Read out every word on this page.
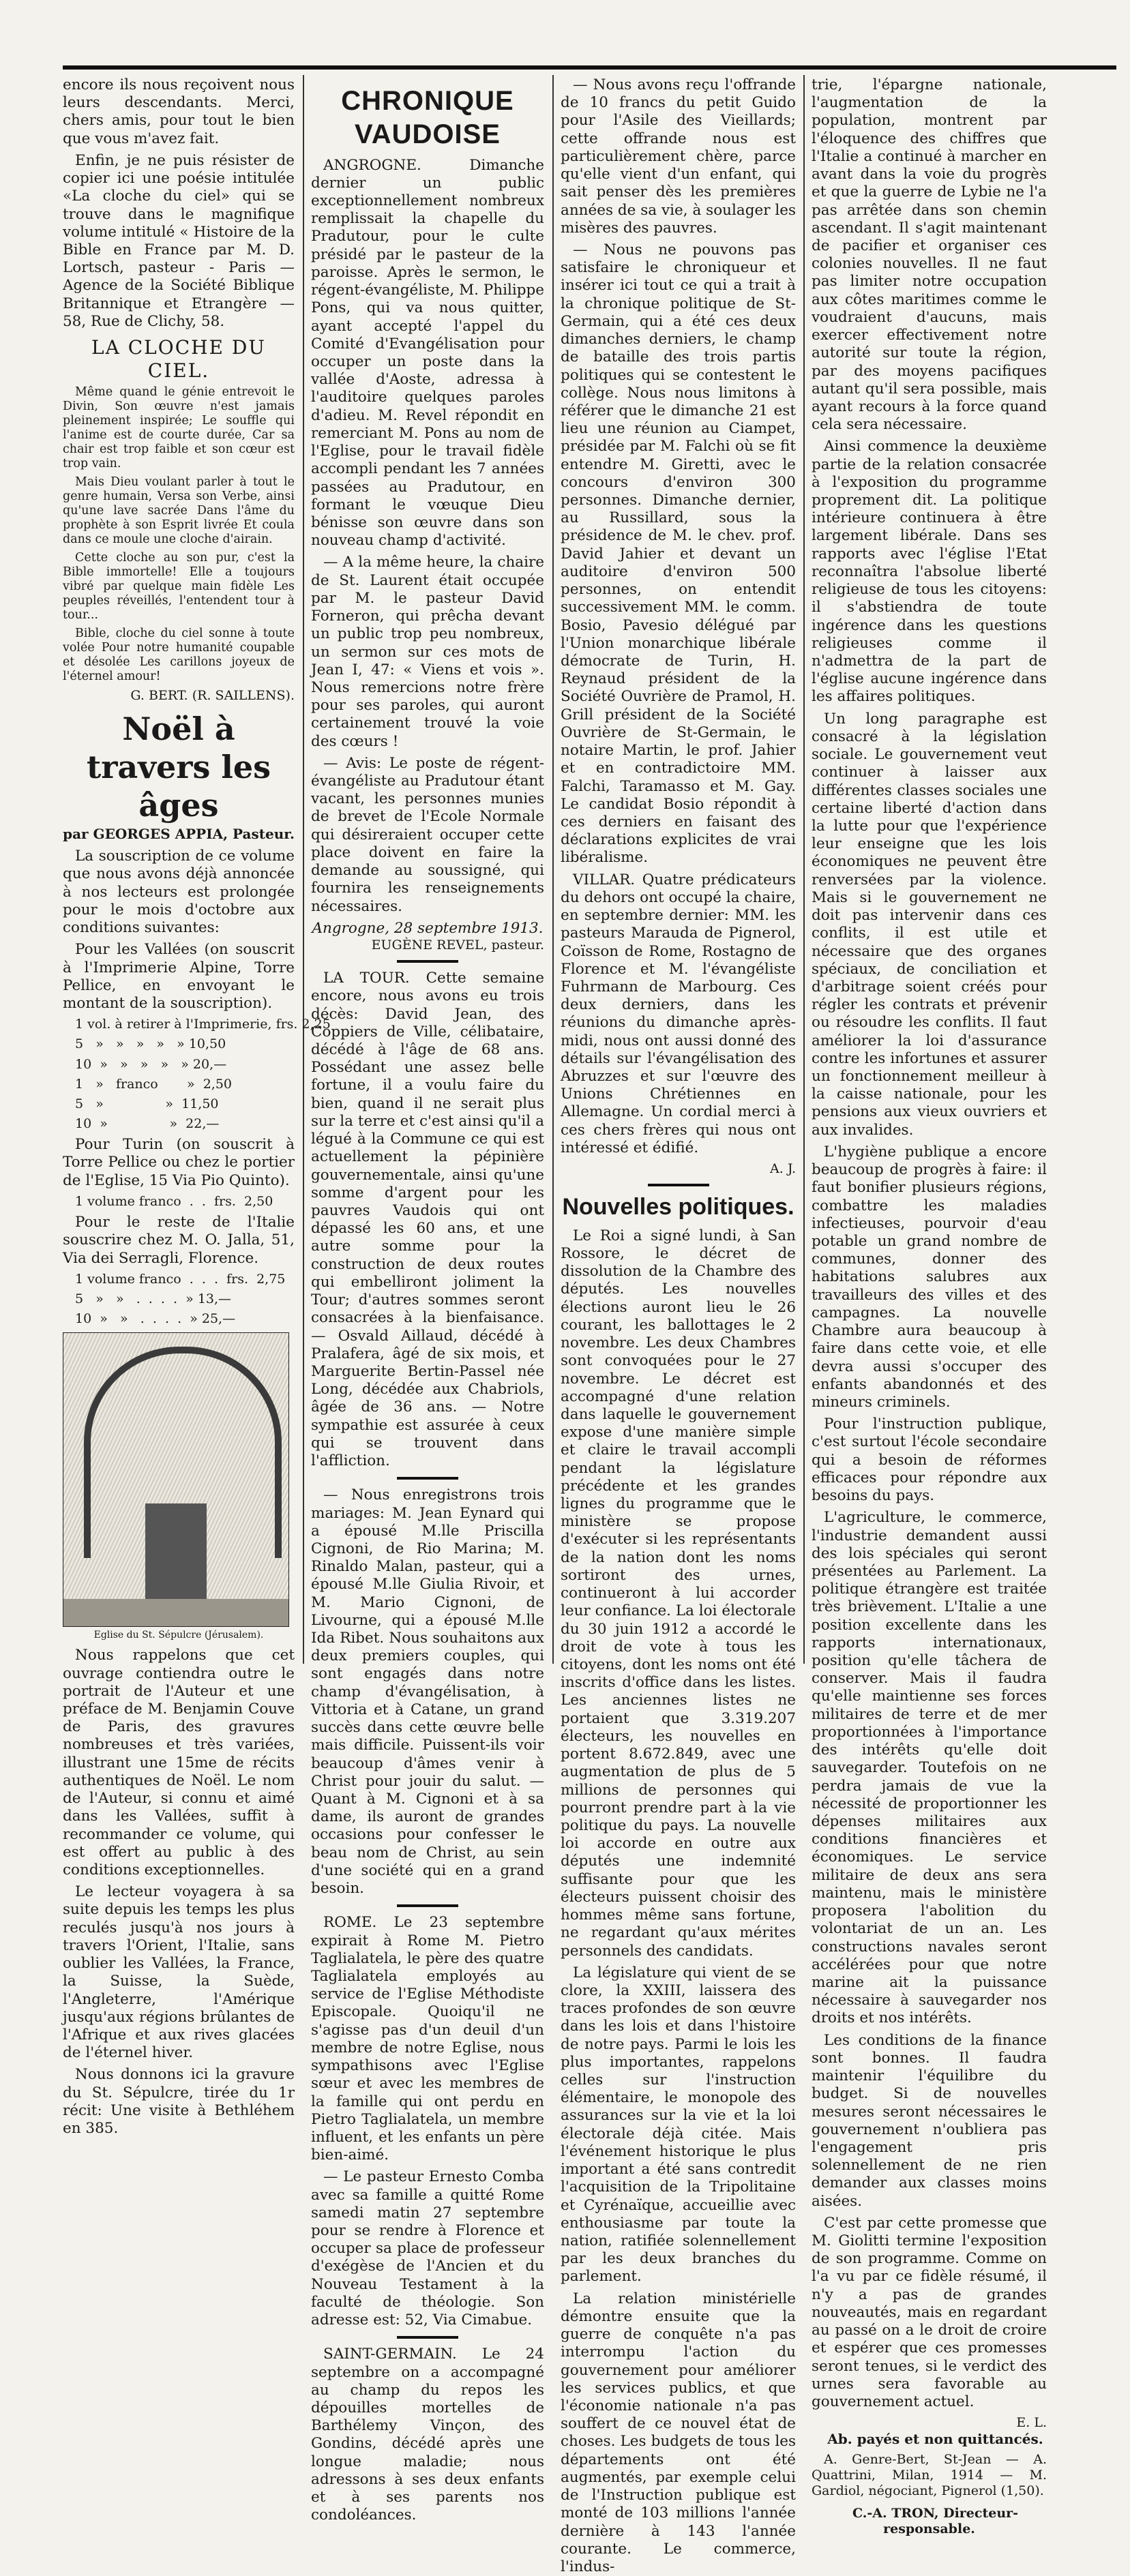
encore ils nous reçoivent nous leurs descendants. Merci, chers amis, pour tout le bien que vous m'avez fait.

Enfin, je ne puis résister de copier ici une poésie intitulée «La cloche du ciel» qui se trouve dans le magnifique volume intitulé « Histoire de la Bible en France par M. D. Lortsch, pasteur - Paris — Agence de la Société Biblique Britannique et Etrangère — 58, Rue de Clichy, 58.

LA CLOCHE DU CIEL.

Même quand le génie entrevoit le Divin, Son œuvre n'est jamais pleinement inspirée; Le souffle qui l'anime est de courte durée, Car sa chair est trop faible et son cœur est trop vain.

Mais Dieu voulant parler à tout le genre humain, Versa son Verbe, ainsi qu'une lave sacrée Dans l'âme du prophète à son Esprit livrée Et coula dans ce moule une cloche d'airain.

Cette cloche au son pur, c'est la Bible immortelle! Elle a toujours vibré par quelque main fidèle Les peuples réveillés, l'entendent tour à tour...

Bible, cloche du ciel sonne à toute volée Pour notre humanité coupable et désolée Les carillons joyeux de l'éternel amour!

G. BERT. (R. SAILLENS).
Noël à travers les âges
par GEORGES APPIA, Pasteur.

La souscription de ce volume que nous avons déjà annoncée à nos lecteurs est prolongée pour le mois d'octobre aux conditions suivantes:

Pour les Vallées (on souscrit à l'Imprimerie Alpine, Torre Pellice, en envoyant le montant de la souscription).

1 vol. à retirer à l'Imprimerie, frs. 2,25

5   »   »   »   »   » 10,50

10  »   »   »   »   » 20,—

1   »   franco       »  2,50

5   »               »  11,50

10  »               »  22,—

Pour Turin (on souscrit à Torre Pellice ou chez le portier de l'Eglise, 15 Via Pio Quinto).

1 volume franco  .  .  frs.  2,50

Pour le reste de l'Italie souscrire chez M. O. Jalla, 51, Via dei Serragli, Florence.

1 volume franco  .  .  .  frs.  2,75

5   »   »   .  .  .  .  » 13,—

10  »   »   .  .  .  .  » 25,—

Eglise du St. Sépulcre (Jérusalem).

Nous rappelons que cet ouvrage contiendra outre le portrait de l'Auteur et une préface de M. Benjamin Couve de Paris, des gravures nombreuses et très variées, illustrant une 15me de récits authentiques de Noël. Le nom de l'Auteur, si connu et aimé dans les Vallées, suffit à recommander ce volume, qui est offert au public à des conditions exceptionnelles.

Le lecteur voyagera à sa suite depuis les temps les plus reculés jusqu'à nos jours à travers l'Orient, l'Italie, sans oublier les Vallées, la France, la Suisse, la Suède, l'Angleterre, l'Amérique jusqu'aux régions brûlantes de l'Afrique et aux rives glacées de l'éternel hiver.

Nous donnons ici la gravure du St. Sépulcre, tirée du 1r récit: Une visite à Bethléhem en 385.

CHRONIQUE VAUDOISE

ANGROGNE. Dimanche dernier un public exceptionnellement nombreux remplissait la chapelle du Pradutour, pour le culte présidé par le pasteur de la paroisse. Après le sermon, le régent-évangéliste, M. Philippe Pons, qui va nous quitter, ayant accepté l'appel du Comité d'Evangélisation pour occuper un poste dans la vallée d'Aoste, adressa à l'auditoire quelques paroles d'adieu. M. Revel répondit en remerciant M. Pons au nom de l'Eglise, pour le travail fidèle accompli pendant les 7 années passées au Pradutour, en formant le vœuque Dieu bénisse son œuvre dans son nouveau champ d'activité.

— A la même heure, la chaire de St. Laurent était occupée par M. le pasteur David Forneron, qui prêcha devant un public trop peu nombreux, un sermon sur ces mots de Jean I, 47: « Viens et vois ». Nous remercions notre frère pour ses paroles, qui auront certainement trouvé la voie des cœurs !

— Avis: Le poste de régent-évangéliste au Pradutour étant vacant, les personnes munies de brevet de l'Ecole Normale qui désireraient occuper cette place doivent en faire la demande au soussigné, qui fournira les renseignements nécessaires.

Angrogne, 28 septembre 1913.
EUGÈNE REVEL, pasteur.

LA TOUR. Cette semaine encore, nous avons eu trois décès: David Jean, des Coppiers de Ville, célibataire, décédé à l'âge de 68 ans. Possédant une assez belle fortune, il a voulu faire du bien, quand il ne serait plus sur la terre et c'est ainsi qu'il a légué à la Commune ce qui est actuellement la pépinière gouvernementale, ainsi qu'une somme d'argent pour les pauvres Vaudois qui ont dépassé les 60 ans, et une autre somme pour la construction de deux routes qui embelliront joliment la Tour; d'autres sommes seront consacrées à la bienfaisance. — Osvald Aillaud, décédé à Pralafera, âgé de six mois, et Marguerite Bertin-Passel née Long, décédée aux Chabriols, âgée de 36 ans. — Notre sympathie est assurée à ceux qui se trouvent dans l'affliction.

— Nous enregistrons trois mariages: M. Jean Eynard qui a épousé M.lle Priscilla Cignoni, de Rio Marina; M. Rinaldo Malan, pasteur, qui a épousé M.lle Giulia Rivoir, et M. Mario Cignoni, de Livourne, qui a épousé M.lle Ida Ribet. Nous souhaitons aux deux premiers couples, qui sont engagés dans notre champ d'évangélisation, à Vittoria et à Catane, un grand succès dans cette œuvre belle mais difficile. Puissent-ils voir beaucoup d'âmes venir à Christ pour jouir du salut. — Quant à M. Cignoni et à sa dame, ils auront de grandes occasions pour confesser le beau nom de Christ, au sein d'une société qui en a grand besoin.

ROME. Le 23 septembre expirait à Rome M. Pietro Taglialatela, le père des quatre Taglialatela employés au service de l'Eglise Méthodiste Episcopale. Quoiqu'il ne s'agisse pas d'un deuil d'un membre de notre Eglise, nous sympathisons avec l'Eglise sœur et avec les membres de la famille qui ont perdu en Pietro Taglialatela, un membre influent, et les enfants un père bien-aimé.

— Le pasteur Ernesto Comba avec sa famille a quitté Rome samedi matin 27 septembre pour se rendre à Florence et occuper sa place de professeur d'exégèse de l'Ancien et du Nouveau Testament à la faculté de théologie. Son adresse est: 52, Via Cimabue.

SAINT-GERMAIN. Le 24 septembre on a accompagné au champ du repos les dépouilles mortelles de Barthélemy Vinçon, des Gondins, décédé après une longue maladie; nous adressons à ses deux enfants et à ses parents nos condoléances.

— Nous avons reçu l'offrande de 10 francs du petit Guido pour l'Asile des Vieillards; cette offrande nous est particulièrement chère, parce qu'elle vient d'un enfant, qui sait penser dès les premières années de sa vie, à soulager les misères des pauvres.

— Nous ne pouvons pas satisfaire le chroniqueur et insérer ici tout ce qui a trait à la chronique politique de St-Germain, qui a été ces deux dimanches derniers, le champ de bataille des trois partis politiques qui se contestent le collège. Nous nous limitons à référer que le dimanche 21 est lieu une réunion au Ciampet, présidée par M. Falchi où se fit entendre M. Giretti, avec le concours d'environ 300 personnes. Dimanche dernier, au Russillard, sous la présidence de M. le chev. prof. David Jahier et devant un auditoire d'environ 500 personnes, on entendit successivement MM. le comm. Bosio, Pavesio délégué par l'Union monarchique libérale démocrate de Turin, H. Reynaud président de la Société Ouvrière de Pramol, H. Grill président de la Société Ouvrière de St-Germain, le notaire Martin, le prof. Jahier et en contradictoire MM. Falchi, Taramasso et M. Gay. Le candidat Bosio répondit à ces derniers en faisant des déclarations explicites de vrai libéralisme.

VILLAR. Quatre prédicateurs du dehors ont occupé la chaire, en septembre dernier: MM. les pasteurs Marauda de Pignerol, Coïsson de Rome, Rostagno de Florence et M. l'évangéliste Fuhrmann de Marbourg. Ces deux derniers, dans les réunions du dimanche après-midi, nous ont aussi donné des détails sur l'évangélisation des Abruzzes et sur l'œuvre des Unions Chrétiennes en Allemagne. Un cordial merci à ces chers frères qui nous ont intéressé et édifié.

A. J.
Nouvelles politiques.

Le Roi a signé lundi, à San Rossore, le décret de dissolution de la Chambre des députés. Les nouvelles élections auront lieu le 26 courant, les ballottages le 2 novembre. Les deux Chambres sont convoquées pour le 27 novembre. Le décret est accompagné d'une relation dans laquelle le gouvernement expose d'une manière simple et claire le travail accompli pendant la législature précédente et les grandes lignes du programme que le ministère se propose d'exécuter si les représentants de la nation dont les noms sortiront des urnes, continueront à lui accorder leur confiance. La loi électorale du 30 juin 1912 a accordé le droit de vote à tous les citoyens, dont les noms ont été inscrits d'office dans les listes. Les anciennes listes ne portaient que 3.319.207 électeurs, les nouvelles en portent 8.672.849, avec une augmentation de plus de 5 millions de personnes qui pourront prendre part à la vie politique du pays. La nouvelle loi accorde en outre aux députés une indemnité suffisante pour que les électeurs puissent choisir des hommes même sans fortune, ne regardant qu'aux mérites personnels des candidats.

La législature qui vient de se clore, la XXIII, laissera des traces profondes de son œuvre dans les lois et dans l'histoire de notre pays. Parmi le lois les plus importantes, rappelons celles sur l'instruction élémentaire, le monopole des assurances sur la vie et la loi électorale déjà citée. Mais l'événement historique le plus important a été sans contredit l'acquisition de la Tripolitaine et Cyrénaïque, accueillie avec enthousiasme par toute la nation, ratifiée solennellement par les deux branches du parlement.

La relation ministérielle démontre ensuite que la guerre de conquête n'a pas interrompu l'action du gouvernement pour améliorer les services publics, et que l'économie nationale n'a pas souffert de ce nouvel état de choses. Les budgets de tous les départements ont été augmentés, par exemple celui de l'Instruction publique est monté de 103 millions l'année dernière à 143 l'année courante. Le commerce, l'indus-

trie, l'épargne nationale, l'augmentation de la population, montrent par l'éloquence des chiffres que l'Italie a continué à marcher en avant dans la voie du progrès et que la guerre de Lybie ne l'a pas arrêtée dans son chemin ascendant. Il s'agit maintenant de pacifier et organiser ces colonies nouvelles. Il ne faut pas limiter notre occupation aux côtes maritimes comme le voudraient d'aucuns, mais exercer effectivement notre autorité sur toute la région, par des moyens pacifiques autant qu'il sera possible, mais ayant recours à la force quand cela sera nécessaire.

Ainsi commence la deuxième partie de la relation consacrée à l'exposition du programme proprement dit. La politique intérieure continuera à être largement libérale. Dans ses rapports avec l'église l'Etat reconnaîtra l'absolue liberté religieuse de tous les citoyens: il s'abstiendra de toute ingérence dans les questions religieuses comme il n'admettra de la part de l'église aucune ingérence dans les affaires politiques.

Un long paragraphe est consacré à la législation sociale. Le gouvernement veut continuer à laisser aux différentes classes sociales une certaine liberté d'action dans la lutte pour que l'expérience leur enseigne que les lois économiques ne peuvent être renversées par la violence. Mais si le gouvernement ne doit pas intervenir dans ces conflits, il est utile et nécessaire que des organes spéciaux, de conciliation et d'arbitrage soient créés pour régler les contrats et prévenir ou résoudre les conflits. Il faut améliorer la loi d'assurance contre les infortunes et assurer un fonctionnement meilleur à la caisse nationale, pour les pensions aux vieux ouvriers et aux invalides.

L'hygiène publique a encore beaucoup de progrès à faire: il faut bonifier plusieurs régions, combattre les maladies infectieuses, pourvoir d'eau potable un grand nombre de communes, donner des habitations salubres aux travailleurs des villes et des campagnes. La nouvelle Chambre aura beaucoup à faire dans cette voie, et elle devra aussi s'occuper des enfants abandonnés et des mineurs criminels.

Pour l'instruction publique, c'est surtout l'école secondaire qui a besoin de réformes efficaces pour répondre aux besoins du pays.

L'agriculture, le commerce, l'industrie demandent aussi des lois spéciales qui seront présentées au Parlement. La politique étrangère est traitée très brièvement. L'Italie a une position excellente dans les rapports internationaux, position qu'elle tâchera de conserver. Mais il faudra qu'elle maintienne ses forces militaires de terre et de mer proportionnées à l'importance des intérêts qu'elle doit sauvegarder. Toutefois on ne perdra jamais de vue la nécessité de proportionner les dépenses militaires aux conditions financières et économiques. Le service militaire de deux ans sera maintenu, mais le ministère proposera l'abolition du volontariat de un an. Les constructions navales seront accélérées pour que notre marine ait la puissance nécessaire à sauvegarder nos droits et nos intérêts.

Les conditions de la finance sont bonnes. Il faudra maintenir l'équilibre du budget. Si de nouvelles mesures seront nécessaires le gouvernement n'oubliera pas l'engagement pris solennellement de ne rien demander aux classes moins aisées.

C'est par cette promesse que M. Giolitti termine l'exposition de son programme. Comme on l'a vu par ce fidèle résumé, il n'y a pas de grandes nouveautés, mais en regardant au passé on a le droit de croire et espérer que ces promesses seront tenues, si le verdict des urnes sera favorable au gouvernement actuel.

E. L.

Ab. payés et non quittancés.

A. Genre-Bert, St-Jean — A. Quattrini, Milan, 1914 — M. Gardiol, négociant, Pignerol (1,50).

C.-A. TRON, Directeur-responsable.
